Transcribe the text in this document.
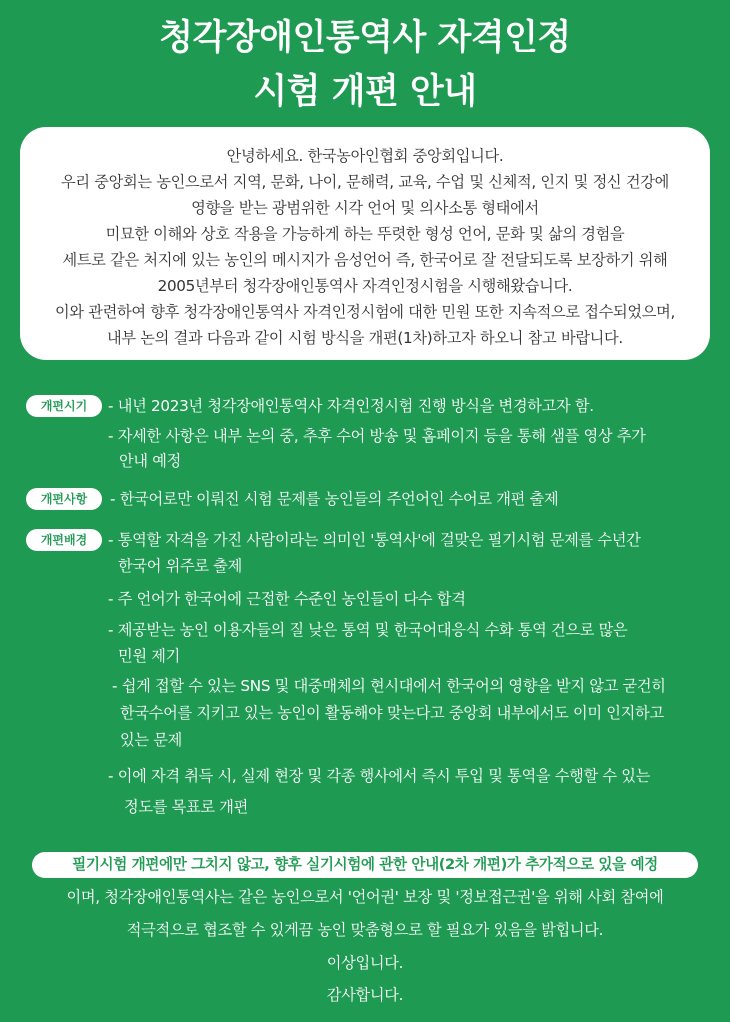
청각장애인통역사 자격인정
시험 개편 안내
안녕하세요. 한국농아인협회 중앙회입니다.
우리 중앙회는 농인으로서 지역, 문화, 나이, 문해력, 교육, 수업 및 신체적, 인지 및 정신 건강에
영향을 받는 광범위한 시각 언어 및 의사소통 형태에서
미묘한 이해와 상호 작용을 가능하게 하는 뚜렷한 형성 언어, 문화 및 삶의 경험을
세트로 같은 처지에 있는 농인의 메시지가 음성언어 즉, 한국어로 잘 전달되도록 보장하기 위해
2005년부터 청각장애인통역사 자격인정시험을 시행해왔습니다.
이와 관련하여 향후 청각장애인통역사 자격인정시험에 대한 민원 또한 지속적으로 접수되었으며,
내부 논의 결과 다음과 같이 시험 방식을 개편(1차)하고자 하오니 참고 바랍니다.
개편시기	- 내년 2023년 청각장애인통역사 자격인정시험 진행 방식을 변경하고자 함.
- 자세한 사항은 내부 논의 중, 추후 수어 방송 및 홈페이지 등을 통해 샘플 영상 추가
안내 예정
개편사항	- 한국어로만 이뤄진 시험 문제를 농인들의 주언어인 수어로 개편 출제
개편배경	- 통역할 자격을 가진 사람이라는 의미인 '통역사'에 걸맞은 필기시험 문제를 수년간
한국어 위주로 출제
- 주 언어가 한국어에 근접한 수준인 농인들이 다수 합격
- 제공받는 농인 이용자들의 질 낮은 통역 및 한국어대응식 수화 통역 건으로 많은
민원 제기
- 쉽게 접할 수 있는 SNS 및 대중매체의 현시대에서 한국어의 영향을 받지 않고 굳건히
한국수어를 지키고 있는 농인이 활동해야 맞는다고 중앙회 내부에서도 이미 인지하고
있는 문제
- 이에 자격 취득 시, 실제 현장 및 각종 행사에서 즉시 투입 및 통역을 수행할 수 있는
정도를 목표로 개편
필기시험 개편에만 그치지 않고, 향후 실기시험에 관한 안내(2차 개편)가 추가적으로 있을 예정
이며, 청각장애인통역사는 같은 농인으로서 '언어권' 보장 및 '정보접근권'을 위해 사회 참여에
적극적으로 협조할 수 있게끔 농인 맞춤형으로 할 필요가 있음을 밝힙니다.
이상입니다.
감사합니다.
